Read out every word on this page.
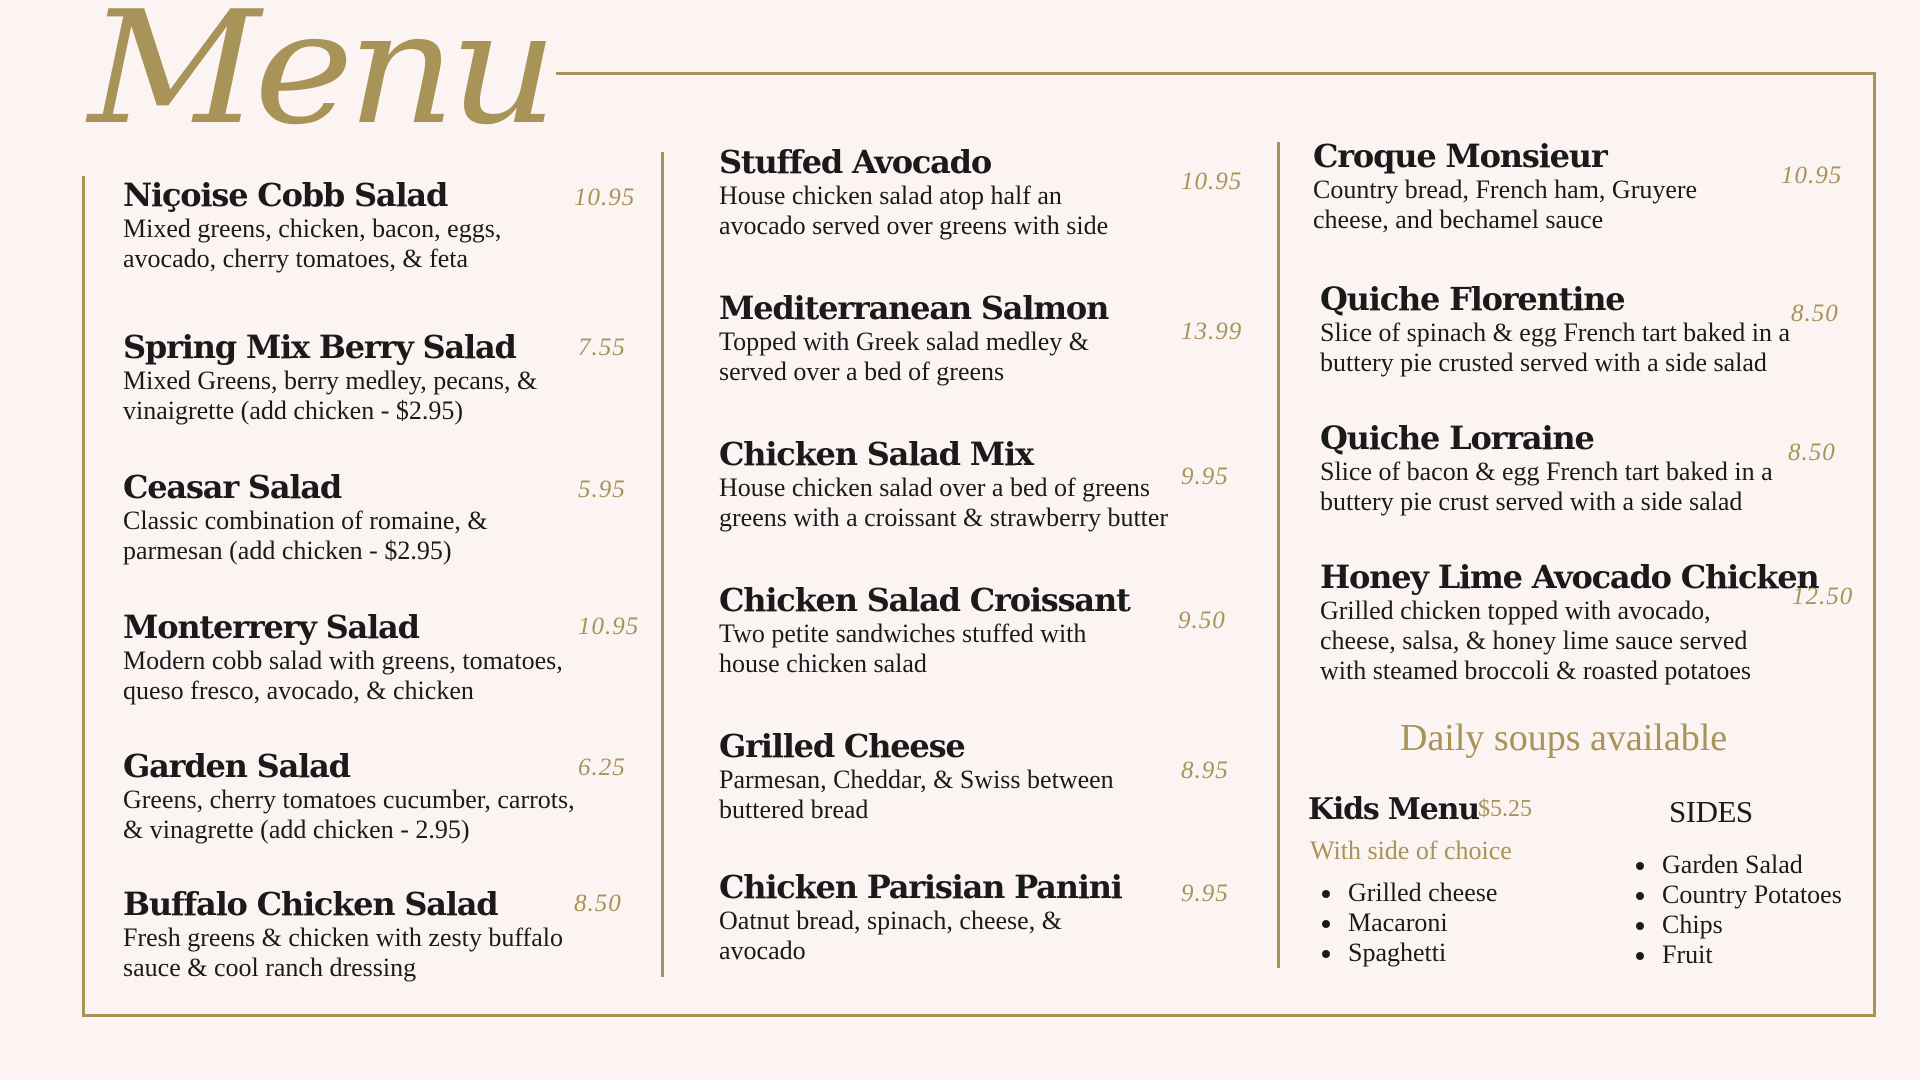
Menu
Niçoise Cobb Salad
Mixed greens, chicken, bacon, eggs, avocado, cherry tomatoes, & feta
10.95
Spring Mix Berry Salad
Mixed Greens, berry medley, pecans, & vinaigrette (add chicken - $2.95)
7.55
Ceasar Salad
Classic combination of romaine, & parmesan (add chicken - $2.95)
5.95
Monterrery Salad
Modern cobb salad with greens, tomatoes, queso fresco, avocado, & chicken
10.95
Garden Salad
Greens, cherry tomatoes cucumber, carrots, & vinagrette (add chicken - 2.95)
6.25
Buffalo Chicken Salad
Fresh greens & chicken with zesty buffalo sauce & cool ranch dressing
8.50
Stuffed Avocado
House chicken salad atop half an avocado served over greens with side
10.95
Mediterranean Salmon
Topped with Greek salad medley & served over a bed of greens
13.99
Chicken Salad Mix
House chicken salad over a bed of greens greens with a croissant & strawberry butter
9.95
Chicken Salad Croissant
Two petite sandwiches stuffed with house chicken salad
9.50
Grilled Cheese
Parmesan, Cheddar, & Swiss between buttered bread
8.95
Chicken Parisian Panini
Oatnut bread, spinach, cheese, & avocado
9.95
Croque Monsieur
Country bread, French ham, Gruyere cheese, and bechamel sauce
10.95
Quiche Florentine
Slice of spinach & egg French tart baked in a buttery pie crusted served with a side salad
8.50
Quiche Lorraine
Slice of bacon & egg French tart baked in a buttery pie crust served with a side salad
8.50
Honey Lime Avocado Chicken
Grilled chicken topped with avocado, cheese, salsa, & honey lime sauce served with steamed broccoli & roasted potatoes
12.50
Daily soups available
Kids Menu $5.25
With side of choice
• Grilled cheese
• Macaroni
• Spaghetti
SIDES
• Garden Salad
• Country Potatoes
• Chips
• Fruit
